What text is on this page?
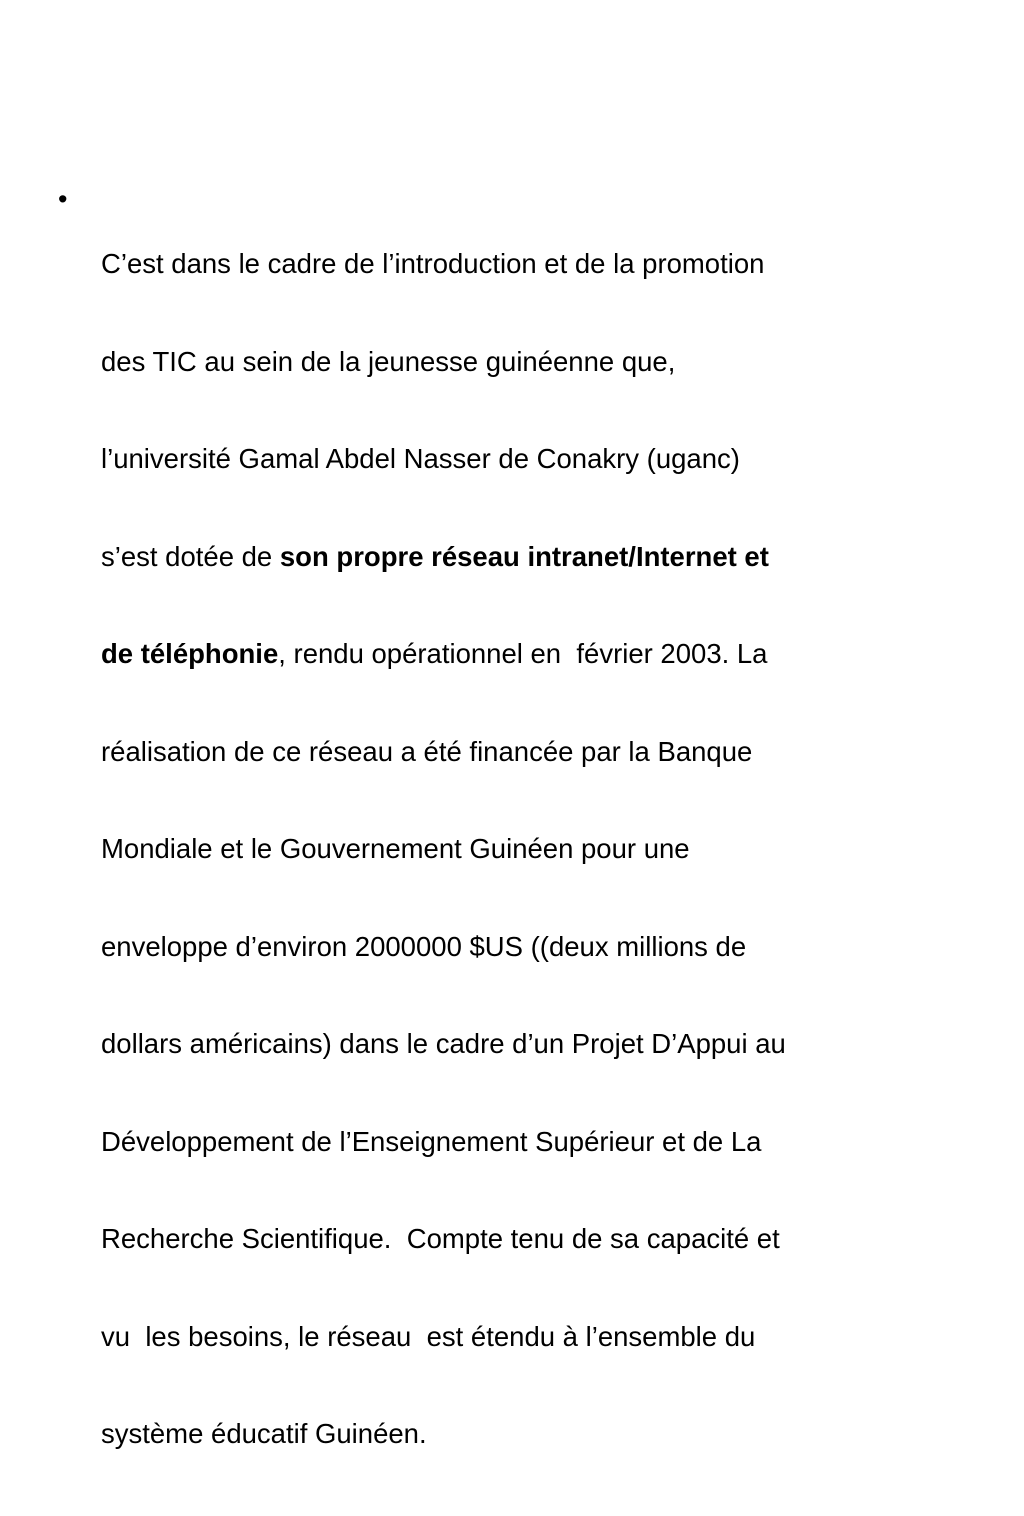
•

C’est dans le cadre de l’introduction et de la promotion

des TIC au sein de la jeunesse guinéenne que,

l’université Gamal Abdel Nasser de Conakry (uganc)

s’est dotée de son propre réseau intranet/Internet et

de téléphonie, rendu opérationnel en  février 2003. La

réalisation de ce réseau a été financée par la Banque

Mondiale et le Gouvernement Guinéen pour une

enveloppe d’environ 2000000 $US ((deux millions de

dollars américains) dans le cadre d’un Projet D’Appui au

Développement de l’Enseignement Supérieur et de La

Recherche Scientifique.  Compte tenu de sa capacité et

vu  les besoins, le réseau  est étendu à l’ensemble du

système éducatif Guinéen.
